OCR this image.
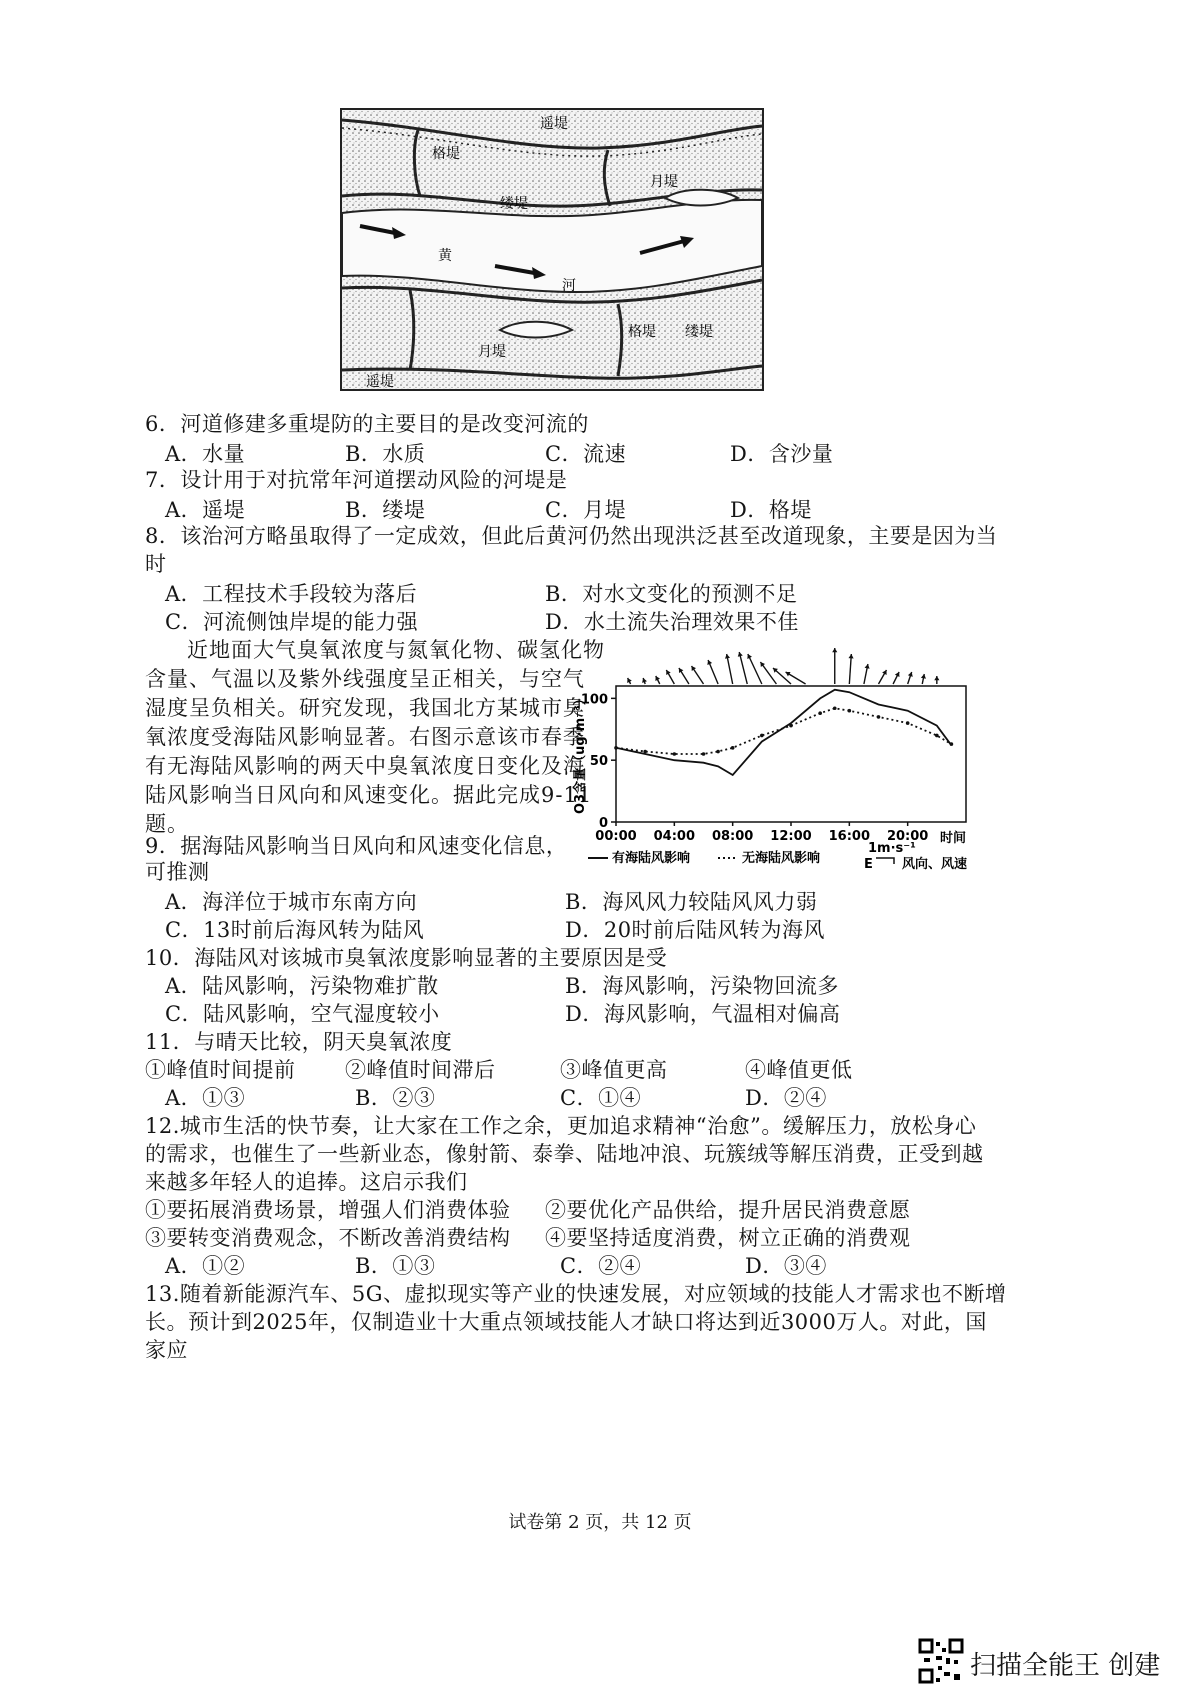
遥堤
格堤
月堤
缕堤
黄
河
格堤 缕堤
月堤
遥堤
6．河道修建多重堤防的主要目的是改变河流的
A．水量	B．水质	C．流速	D．含沙量
7．设计用于对抗常年河道摆动风险的河堤是
A．遥堤	B．缕堤	C．月堤	D．格堤
8．该治河方略虽取得了一定成效，但此后黄河仍然出现洪泛甚至改道现象，主要是因为当
时
A．工程技术手段较为落后	B．对水文变化的预测不足
C．河流侧蚀岸堤的能力强	D．水土流失治理效果不佳
近地面大气臭氧浓度与氮氧化物、碳氢化物含量、气温以及紫外线强度呈正相关，与空气湿度呈负相关。研究发现，我国北方某城市臭氧浓度受海陆风影响显著。右图示意该市春季有无海陆风影响的两天中臭氧浓度日变化及海陆风影响当日风向和风速变化。据此完成9-11题。	0
50
100
00:00 04:00 08:00 12:00 16:00 20:00
O3含量（ug·m⁻³）
时间
有海陆风影响	无海陆风影响
1m·s⁻¹
E 风向、风速
9．据海陆风影响当日风向和风速变化信息，
可推测
A．海洋位于城市东南方向	B．海风风力较陆风风力弱
C．13时前后海风转为陆风	D．20时前后陆风转为海风
10．海陆风对该城市臭氧浓度影响显著的主要原因是受
A．陆风影响，污染物难扩散	B．海风影响，污染物回流多
C．陆风影响，空气湿度较小	D．海风影响，气温相对偏高
11．与晴天比较，阴天臭氧浓度
①峰值时间提前 ②峰值时间滞后	③峰值更高	④峰值更低
A．①③	B．②③	C．①④	D．②④
12.城市生活的快节奏，让大家在工作之余，更加追求精神“治愈”。缓解压力，放松身心
的需求，也催生了一些新业态，像射箭、泰拳、陆地冲浪、玩簇绒等解压消费，正受到越
来越多年轻人的追捧。这启示我们
①要拓展消费场景，增强人们消费体验 ②要优化产品供给，提升居民消费意愿
③要转变消费观念，不断改善消费结构 ④要坚持适度消费，树立正确的消费观
A．①②	B．①③	C．②④	D．③④
13.随着新能源汽车、5G、虚拟现实等产业的快速发展，对应领域的技能人才需求也不断增
长。预计到2025年，仅制造业十大重点领域技能人才缺口将达到近3000万人。对此，国
家应
试卷第 2 页，共 12 页
扫描全能王 创建
